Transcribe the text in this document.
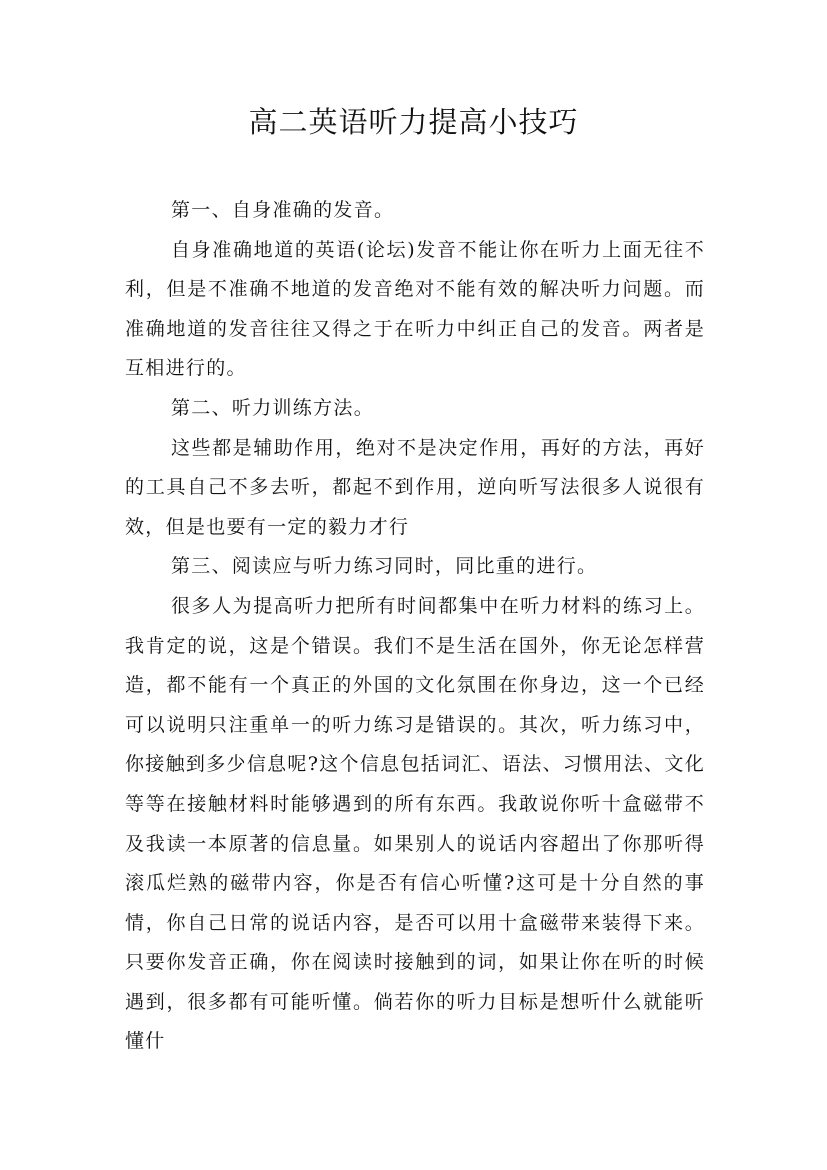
高二英语听力提高小技巧

第一、自身准确的发音。

自身准确地道的英语(论坛)发音不能让你在听力上面无往不利，但是不准确不地道的发音绝对不能有效的解决听力问题。而准确地道的发音往往又得之于在听力中纠正自己的发音。两者是互相进行的。

第二、听力训练方法。

这些都是辅助作用，绝对不是决定作用，再好的方法，再好的工具自己不多去听，都起不到作用，逆向听写法很多人说很有效，但是也要有一定的毅力才行

第三、阅读应与听力练习同时，同比重的进行。

很多人为提高听力把所有时间都集中在听力材料的练习上。我肯定的说，这是个错误。我们不是生活在国外，你无论怎样营造，都不能有一个真正的外国的文化氛围在你身边，这一个已经可以说明只注重单一的听力练习是错误的。其次，听力练习中，你接触到多少信息呢?这个信息包括词汇、语法、习惯用法、文化等等在接触材料时能够遇到的所有东西。我敢说你听十盒磁带不及我读一本原著的信息量。如果别人的说话内容超出了你那听得滚瓜烂熟的磁带内容，你是否有信心听懂?这可是十分自然的事情，你自己日常的说话内容，是否可以用十盒磁带来装得下来。只要你发音正确，你在阅读时接触到的词，如果让你在听的时候遇到，很多都有可能听懂。倘若你的听力目标是想听什么就能听懂什
